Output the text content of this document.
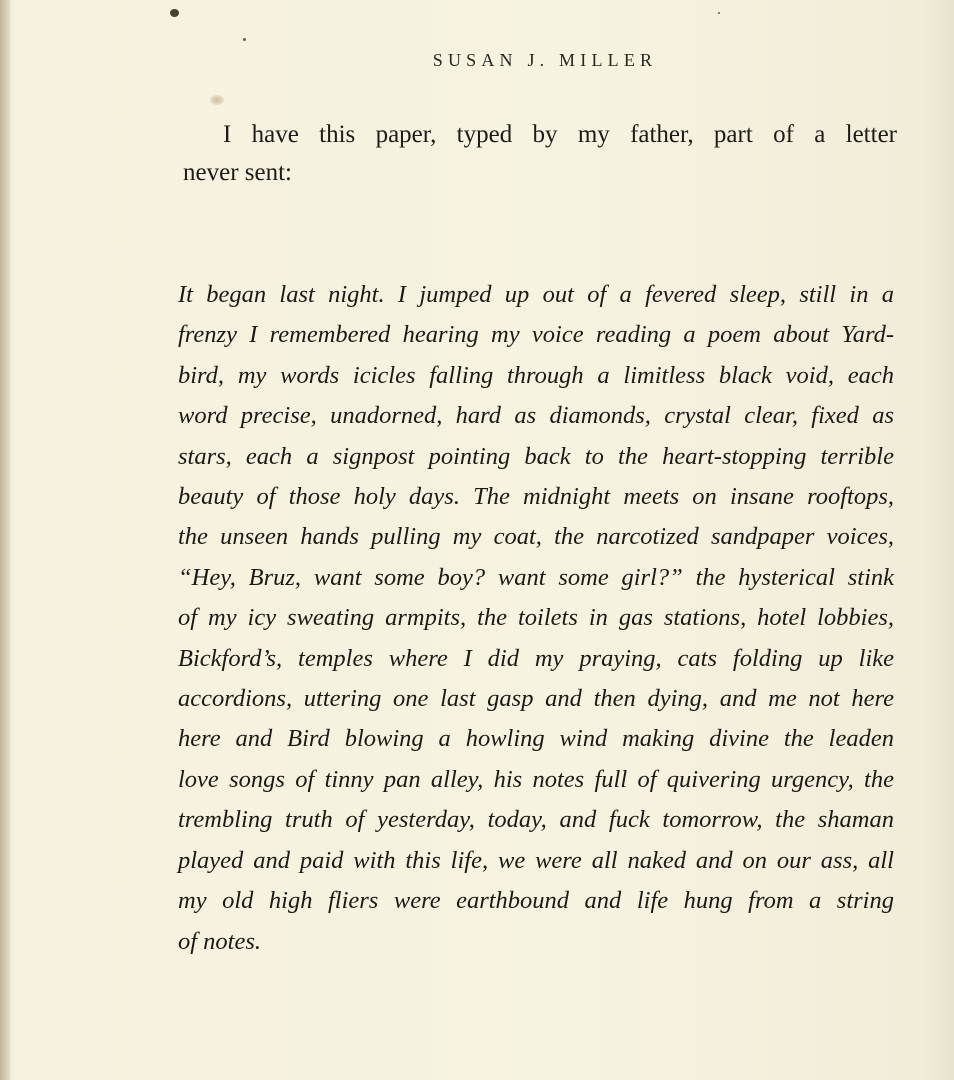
SUSAN J. MILLER
I have this paper, typed by my father, part of a letter
never sent:
It began last night. I jumped up out of a fevered sleep, still in a
frenzy I remembered hearing my voice reading a poem about Yard-
bird, my words icicles falling through a limitless black void, each
word precise, unadorned, hard as diamonds, crystal clear, fixed as
stars, each a signpost pointing back to the heart-stopping terrible
beauty of those holy days. The midnight meets on insane rooftops,
the unseen hands pulling my coat, the narcotized sandpaper voices,
“Hey, Bruz, want some boy? want some girl?” the hysterical stink
of my icy sweating armpits, the toilets in gas stations, hotel lobbies,
Bickford’s, temples where I did my praying, cats folding up like
accordions, uttering one last gasp and then dying, and me not here
here and Bird blowing a howling wind making divine the leaden
love songs of tinny pan alley, his notes full of quivering urgency, the
trembling truth of yesterday, today, and fuck tomorrow, the shaman
played and paid with this life, we were all naked and on our ass, all
my old high fliers were earthbound and life hung from a string
of notes.
